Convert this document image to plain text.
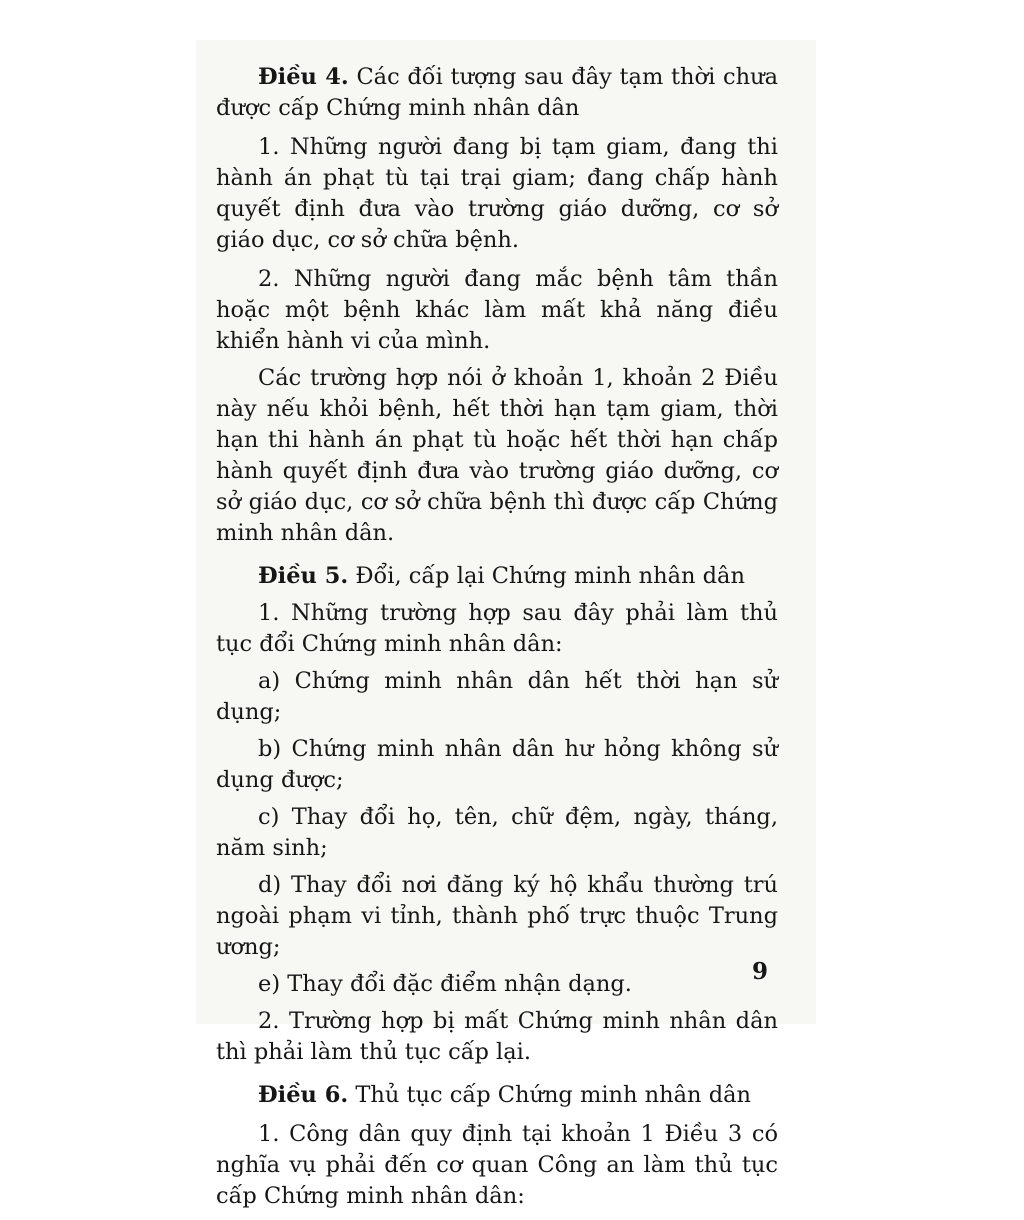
Điều 4. Các đối tượng sau đây tạm thời chưa được cấp Chứng minh nhân dân

1. Những người đang bị tạm giam, đang thi hành án phạt tù tại trại giam; đang chấp hành quyết định đưa vào trường giáo dưỡng, cơ sở giáo dục, cơ sở chữa bệnh.

2. Những người đang mắc bệnh tâm thần hoặc một bệnh khác làm mất khả năng điều khiển hành vi của mình.

Các trường hợp nói ở khoản 1, khoản 2 Điều này nếu khỏi bệnh, hết thời hạn tạm giam, thời hạn thi hành án phạt tù hoặc hết thời hạn chấp hành quyết định đưa vào trường giáo dưỡng, cơ sở giáo dục, cơ sở chữa bệnh thì được cấp Chứng minh nhân dân.

Điều 5. Đổi, cấp lại Chứng minh nhân dân

1. Những trường hợp sau đây phải làm thủ tục đổi Chứng minh nhân dân:

a) Chứng minh nhân dân hết thời hạn sử dụng;

b) Chứng minh nhân dân hư hỏng không sử dụng được;

c) Thay đổi họ, tên, chữ đệm, ngày, tháng, năm sinh;

d) Thay đổi nơi đăng ký hộ khẩu thường trú ngoài phạm vi tỉnh, thành phố trực thuộc Trung ương;

e) Thay đổi đặc điểm nhận dạng.

2. Trường hợp bị mất Chứng minh nhân dân thì phải làm thủ tục cấp lại.

Điều 6. Thủ tục cấp Chứng minh nhân dân

1. Công dân quy định tại khoản 1 Điều 3 có nghĩa vụ phải đến cơ quan Công an làm thủ tục cấp Chứng minh nhân dân:

9
